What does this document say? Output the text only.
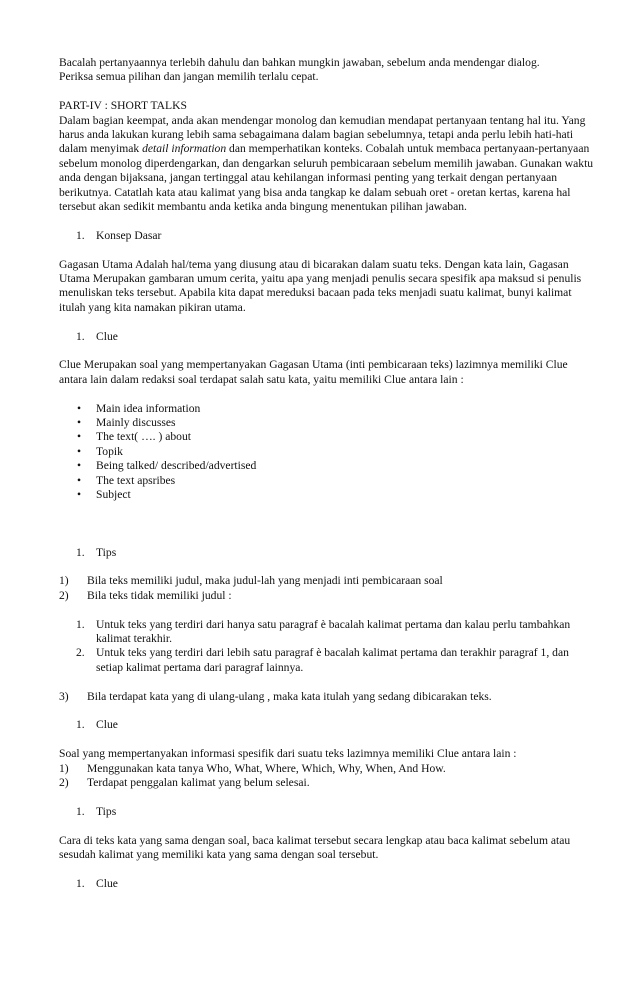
Bacalah pertanyaannya terlebih dahulu dan bahkan mungkin jawaban, sebelum anda mendengar dialog.

Periksa semua pilihan dan jangan memilih terlalu cepat.

PART-IV : SHORT TALKS

Dalam bagian keempat, anda akan mendengar monolog dan kemudian mendapat pertanyaan tentang hal itu. Yang harus anda lakukan kurang lebih sama sebagaimana dalam bagian sebelumnya, tetapi anda perlu lebih hati-hati dalam menyimak detail information dan memperhatikan konteks. Cobalah untuk membaca pertanyaan-pertanyaan sebelum monolog diperdengarkan, dan dengarkan seluruh pembicaraan sebelum memilih jawaban. Gunakan waktu anda dengan bijaksana, jangan tertinggal atau kehilangan informasi penting yang terkait dengan pertanyaan berikutnya. Catatlah kata atau kalimat yang bisa anda tangkap ke dalam sebuah oret - oretan kertas, karena hal tersebut akan sedikit membantu anda ketika anda bingung menentukan pilihan jawaban.

1. Konsep Dasar

Gagasan Utama Adalah hal/tema yang diusung atau di bicarakan dalam suatu teks. Dengan kata lain, Gagasan Utama Merupakan gambaran umum cerita, yaitu apa yang menjadi penulis secara spesifik apa maksud si penulis menuliskan teks tersebut. Apabila kita dapat mereduksi bacaan pada teks menjadi suatu kalimat, bunyi kalimat itulah yang kita namakan pikiran utama.

1. Clue

Clue Merupakan soal yang mempertanyakan Gagasan Utama (inti pembicaraan teks) lazimnya memiliki Clue antara lain dalam redaksi soal terdapat salah satu kata, yaitu memiliki Clue antara lain :

• Main idea information
• Mainly discusses
• The text( …. ) about
• Topik
• Being talked/ described/advertised
• The text apsribes
• Subject
1. Tips
1)	Bila teks memiliki judul, maka judul-lah yang menjadi inti pembicaraan soal
2)	Bila teks tidak memiliki judul :
1. Untuk teks yang terdiri dari hanya satu paragraf è bacalah kalimat pertama dan kalau perlu tambahkan kalimat terakhir.
2. Untuk teks yang terdiri dari lebih satu paragraf è bacalah kalimat pertama dan terakhir paragraf 1, dan setiap kalimat pertama dari paragraf lainnya.
3)	Bila terdapat kata yang di ulang-ulang , maka kata itulah yang sedang dibicarakan teks.
1. Clue

Soal yang mempertanyakan informasi spesifik dari suatu teks lazimnya memiliki Clue antara lain :

1)	Menggunakan kata tanya Who, What, Where, Which, Why, When, And How.
2)	Terdapat penggalan kalimat yang belum selesai.
1. Tips

Cara di teks kata yang sama dengan soal, baca kalimat tersebut secara lengkap atau baca kalimat sebelum atau sesudah kalimat yang memiliki kata yang sama dengan soal tersebut.

1. Clue
